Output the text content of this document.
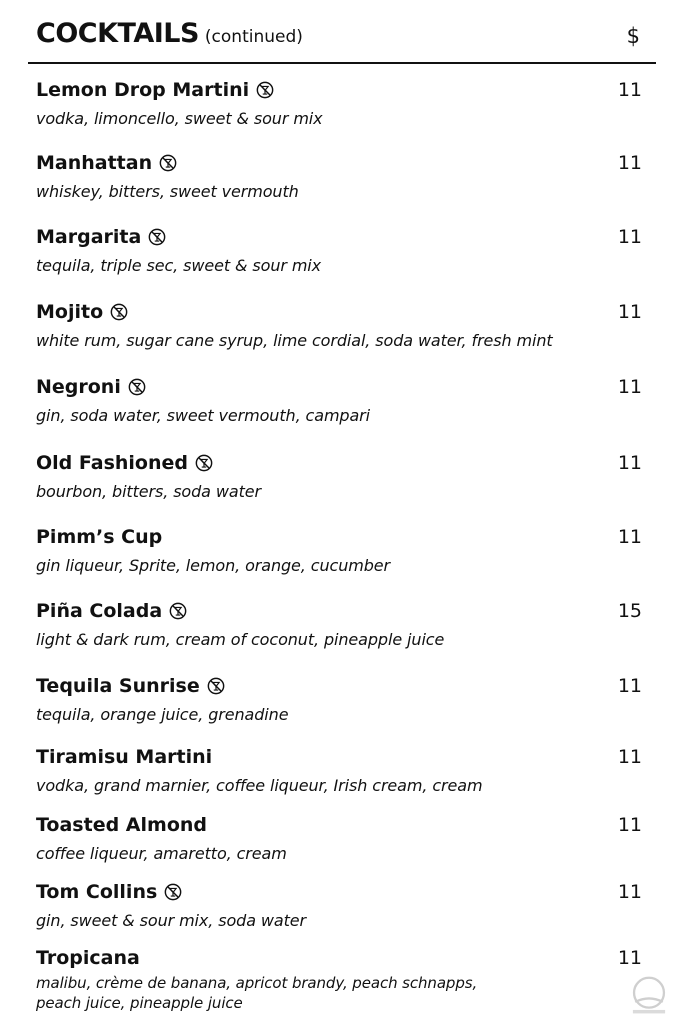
COCKTAILS (continued)	$
Lemon Drop Martini	11
vodka, limoncello, sweet & sour mix
Manhattan	11
whiskey, bitters, sweet vermouth
Margarita	11
tequila, triple sec, sweet & sour mix
Mojito	11
white rum, sugar cane syrup, lime cordial, soda water, fresh mint
Negroni	11
gin, soda water, sweet vermouth, campari
Old Fashioned	11
bourbon, bitters, soda water
Pimm’s Cup	11
gin liqueur, Sprite, lemon, orange, cucumber
Piña Colada	15
light & dark rum, cream of coconut, pineapple juice
Tequila Sunrise	11
tequila, orange juice, grenadine
Tiramisu Martini	11
vodka, grand marnier, coffee liqueur, Irish cream, cream
Toasted Almond	11
coffee liqueur, amaretto, cream
Tom Collins	11
gin, sweet & sour mix, soda water
Tropicana	11
malibu, crème de banana, apricot brandy, peach schnapps,
peach juice, pineapple juice
